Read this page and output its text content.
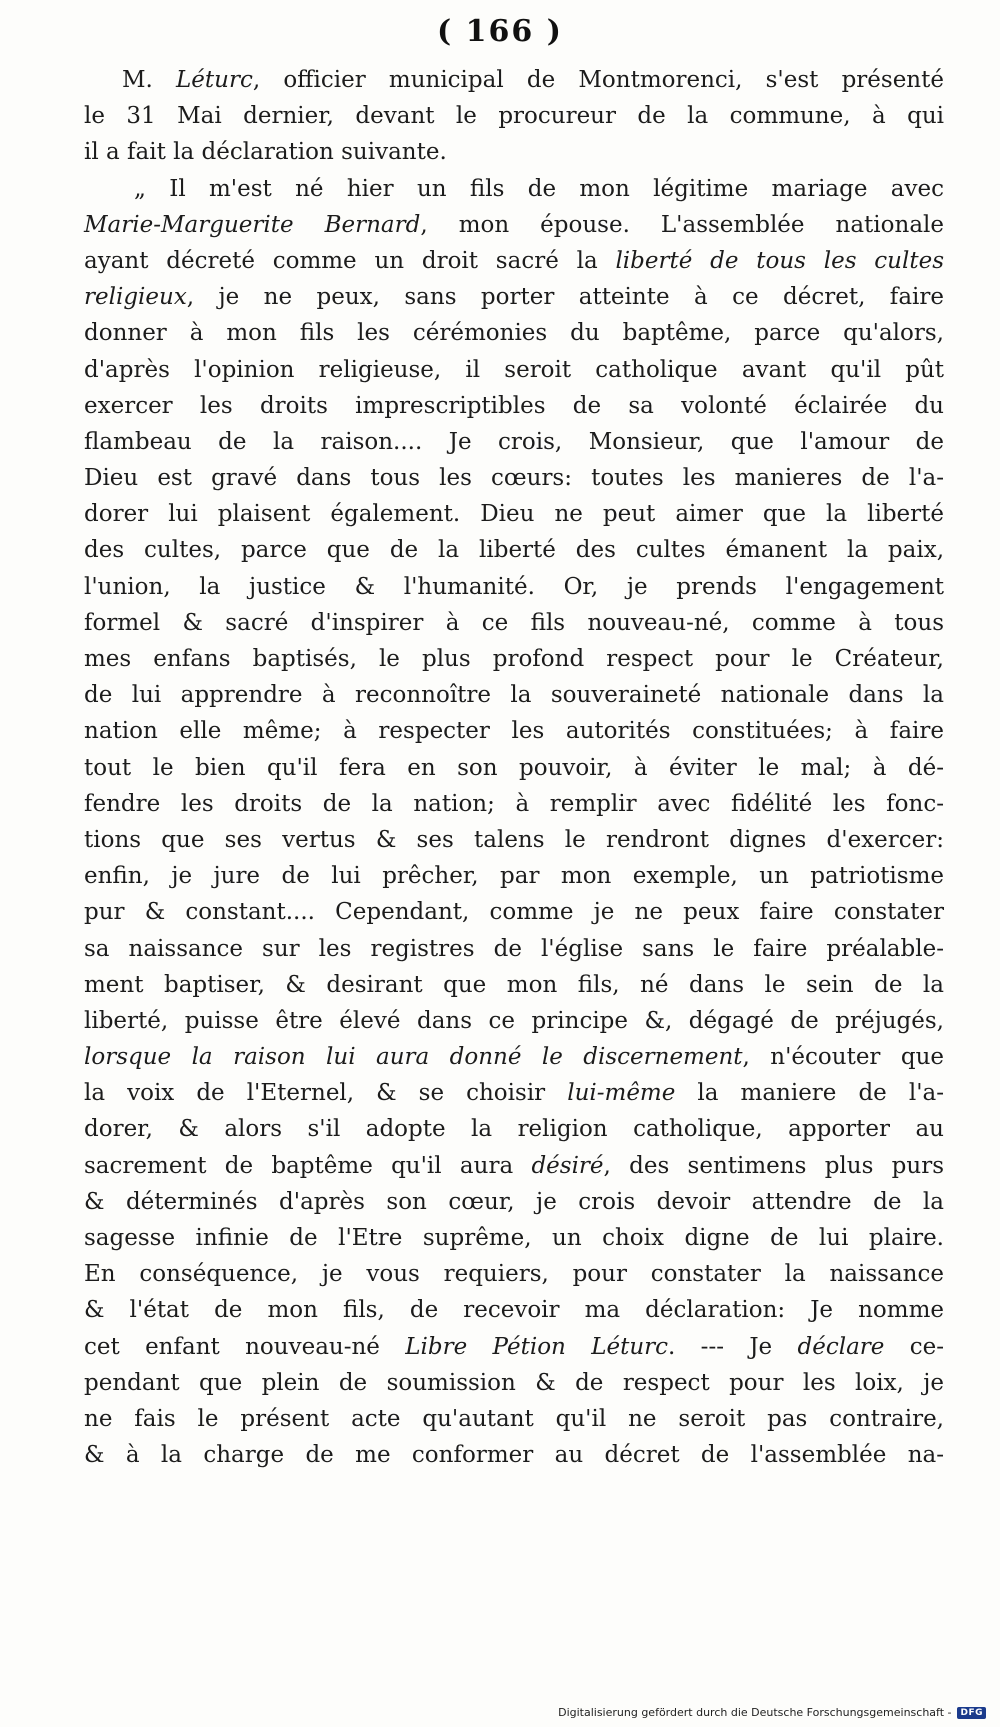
( 166 )
M. Léturc, officier municipal de Montmorenci, s'est présenté
le 31 Mai dernier, devant le procureur de la commune, à qui
il a fait la déclaration suivante.
„ Il m'est né hier un fils de mon légitime mariage avec
Marie-Marguerite Bernard, mon épouse. L'assemblée nationale
ayant décreté comme un droit sacré la liberté de tous les cultes
religieux, je ne peux, sans porter atteinte à ce décret, faire
donner à mon fils les cérémonies du baptême, parce qu'alors,
d'après l'opinion religieuse, il seroit catholique avant qu'il pût
exercer les droits imprescriptibles de sa volonté éclairée du
flambeau de la raison.... Je crois, Monsieur, que l'amour de
Dieu est gravé dans tous les cœurs: toutes les manieres de l'a-
dorer lui plaisent également. Dieu ne peut aimer que la liberté
des cultes, parce que de la liberté des cultes émanent la paix,
l'union, la justice & l'humanité. Or, je prends l'engagement
formel & sacré d'inspirer à ce fils nouveau-né, comme à tous
mes enfans baptisés, le plus profond respect pour le Créateur,
de lui apprendre à reconnoître la souveraineté nationale dans la
nation elle même; à respecter les autorités constituées; à faire
tout le bien qu'il fera en son pouvoir, à éviter le mal; à dé-
fendre les droits de la nation; à remplir avec fidélité les fonc-
tions que ses vertus & ses talens le rendront dignes d'exercer:
enfin, je jure de lui prêcher, par mon exemple, un patriotisme
pur & constant.... Cependant, comme je ne peux faire constater
sa naissance sur les registres de l'église sans le faire préalable-
ment baptiser, & desirant que mon fils, né dans le sein de la
liberté, puisse être élevé dans ce principe &, dégagé de préjugés,
lorsque la raison lui aura donné le discernement, n'écouter que
la voix de l'Eternel, & se choisir lui-même la maniere de l'a-
dorer, & alors s'il adopte la religion catholique, apporter au
sacrement de baptême qu'il aura désiré, des sentimens plus purs
& déterminés d'après son cœur, je crois devoir attendre de la
sagesse infinie de l'Etre suprême, un choix digne de lui plaire.
En conséquence, je vous requiers, pour constater la naissance
& l'état de mon fils, de recevoir ma déclaration: Je nomme
cet enfant nouveau-né Libre Pétion Léturc. --- Je déclare ce-
pendant que plein de soumission & de respect pour les loix, je
ne fais le présent acte qu'autant qu'il ne seroit pas contraire,
& à la charge de me conformer au décret de l'assemblée na-
Digitalisierung gefördert durch die Deutsche Forschungsgemeinschaft -	DFG
